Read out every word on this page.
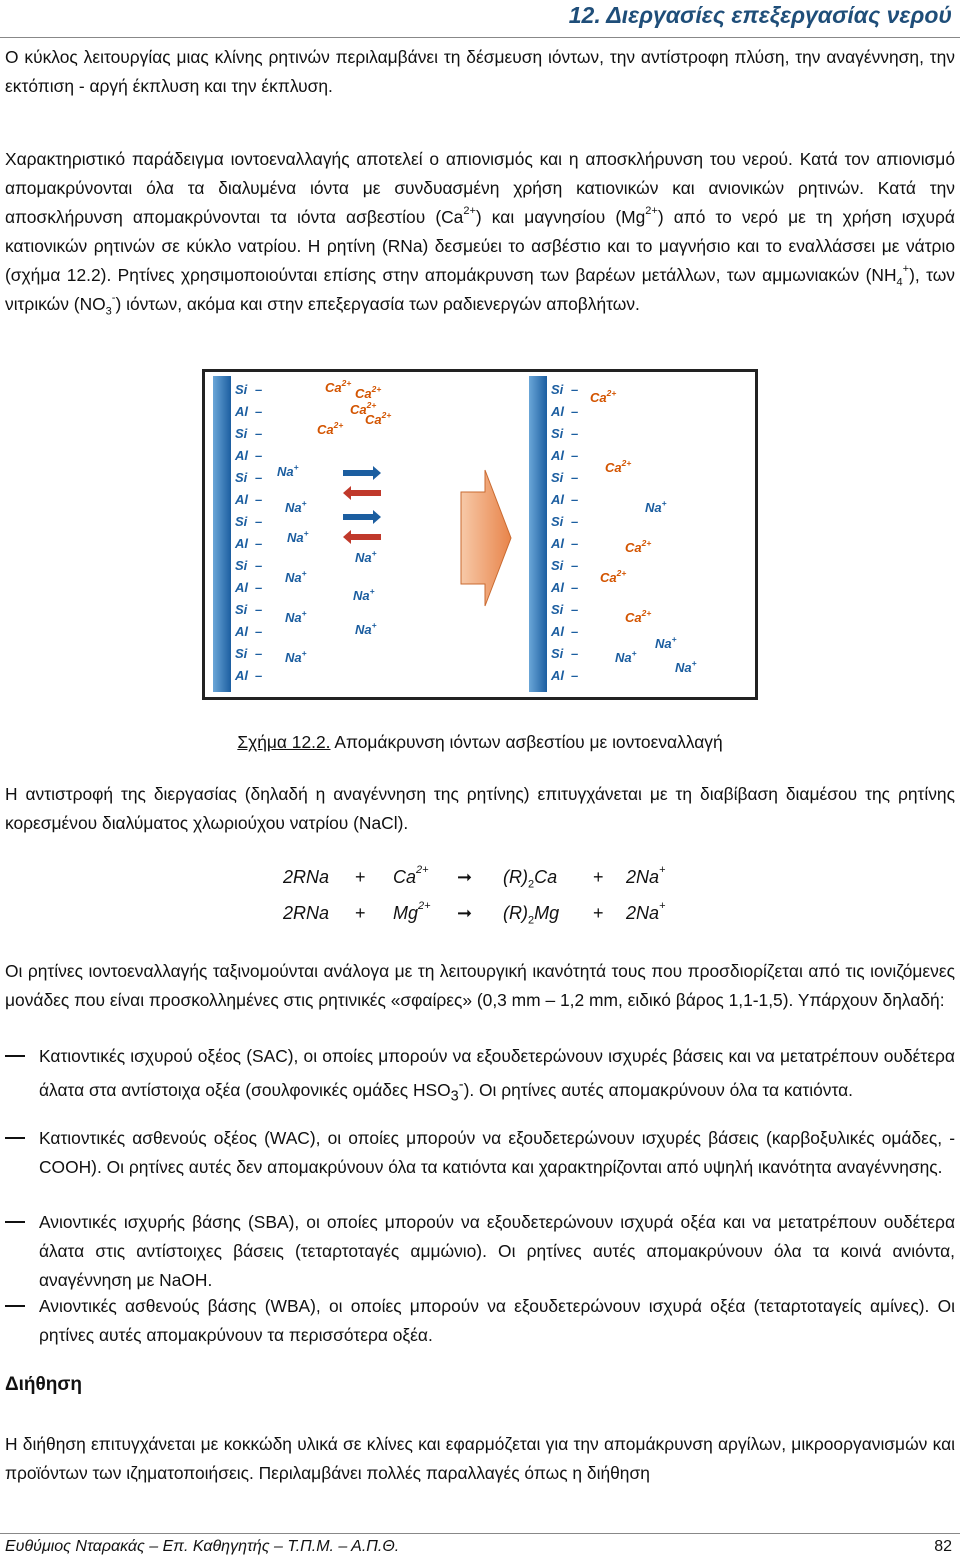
12. Διεργασίες επεξεργασίας νερού
Ο κύκλος λειτουργίας μιας κλίνης ρητινών περιλαμβάνει τη δέσμευση ιόντων, την αντίστροφη πλύση, την αναγέννηση, την εκτόπιση - αργή έκπλυση και την έκπλυση.
Χαρακτηριστικό παράδειγμα ιοντοεναλλαγής αποτελεί ο απιονισμός και η αποσκλήρυνση του νερού. Κατά τον απιονισμό απομακρύνονται όλα τα διαλυμένα ιόντα με συνδυασμένη χρήση κατιονικών και ανιονικών ρητινών. Κατά την αποσκλήρυνση απομακρύνονται τα ιόντα ασβεστίου $(Ca^{2+})$ και μαγνησίου $(Mg^{2+})$ από το νερό με τη χρήση ισχυρά κατιονικών ρητινών σε κύκλο νατρίου. Η ρητίνη (RNa) δεσμεύει το ασβέστιο και το μαγνήσιο και το εναλλάσσει με νάτριο (σχήμα 12.2). Ρητίνες χρησιμοποιούνται επίσης στην απομάκρυνση των βαρέων μετάλλων, των αμμωνιακών $(NH_4^+)$, των νιτρικών $(NO_3^-)$ ιόντων, ακόμα και στην επεξεργασία των ραδιενεργών αποβλήτων.
Si –
Al –
Si –
Al –
Si –
Al –
Si –
Al –
Si –
Al –
Si –
Al –
Si –
Al –
Si –
Al –
Si –
Al –
Si –
Al –
Si –
Al –
Si –
Al –
Si –
Al –
Si –
Al –
$Ca^{2+}$
$Ca^{2+}$
$Ca^{2+}$
$Ca^{2+}$
$Ca^{2+}$
Na+
Na+
Na+
Na+
Na+
Na+
Na+
Na+
Na+
$Ca^{2+}$
$Ca^{2+}$
$Ca^{2+}$
$Ca^{2+}$
$Ca^{2+}$
Na+
Na+
Na+
Na+
Σχήμα 12.2. Απομάκρυνση ιόντων ασβεστίου με ιοντοεναλλαγή
Η αντιστροφή της διεργασίας (δηλαδή η αναγέννηση της ρητίνης) επιτυγχάνεται με τη διαβίβαση διαμέσου της ρητίνης κορεσμένου διαλύματος χλωριούχου νατρίου (NaCl).
$2RNa + Ca^{2+}$ ➞ $(R)_2Ca + 2Na^+$
$2RNa + Mg^{2+}$ ➞ $(R)_2Mg + 2Na^+$
Οι ρητίνες ιοντοεναλλαγής ταξινομούνται ανάλογα με τη λειτουργική ικανότητά τους που προσδιορίζεται από τις ιονιζόμενες μονάδες που είναι προσκολλημένες στις ρητινικές «σφαίρες» (0,3 mm – 1,2 mm, ειδικό βάρος 1,1-1,5). Υπάρχουν δηλαδή:
Κατιοντικές ισχυρού οξέος (SAC), οι οποίες μπορούν να εξουδετερώνουν ισχυρές βάσεις και να μετατρέπουν ουδέτερα άλατα στα αντίστοιχα οξέα (σουλφονικές ομάδες $HSO_3^-$). Οι ρητίνες αυτές απομακρύνουν όλα τα κατιόντα.
Κατιοντικές ασθενούς οξέος (WAC), οι οποίες μπορούν να εξουδετερώνουν ισχυρές βάσεις (καρβοξυλικές ομάδες, -COOH). Οι ρητίνες αυτές δεν απομακρύνουν όλα τα κατιόντα και χαρακτηρίζονται από υψηλή ικανότητα αναγέννησης.
Ανιοντικές ισχυρής βάσης (SBA), οι οποίες μπορούν να εξουδετερώνουν ισχυρά οξέα και να μετατρέπουν ουδέτερα άλατα στις αντίστοιχες βάσεις (τεταρτοταγές αμμώνιο). Οι ρητίνες αυτές απομακρύνουν όλα τα κοινά ανιόντα, αναγέννηση με NaOH.
Ανιοντικές ασθενούς βάσης (WBA), οι οποίες μπορούν να εξουδετερώνουν ισχυρά οξέα (τεταρτοταγείς αμίνες). Οι ρητίνες αυτές απομακρύνουν τα περισσότερα οξέα.
Διήθηση
Η διήθηση επιτυγχάνεται με κοκκώδη υλικά σε κλίνες και εφαρμόζεται για την απομάκρυνση αργίλων, μικροοργανισμών και προϊόντων των ιζηματοποιήσεις. Περιλαμβάνει πολλές παραλλαγές όπως η διήθηση
Ευθύμιος Νταρακάς – Επ. Καθηγητής – Τ.Π.Μ. – Α.Π.Θ.	82
